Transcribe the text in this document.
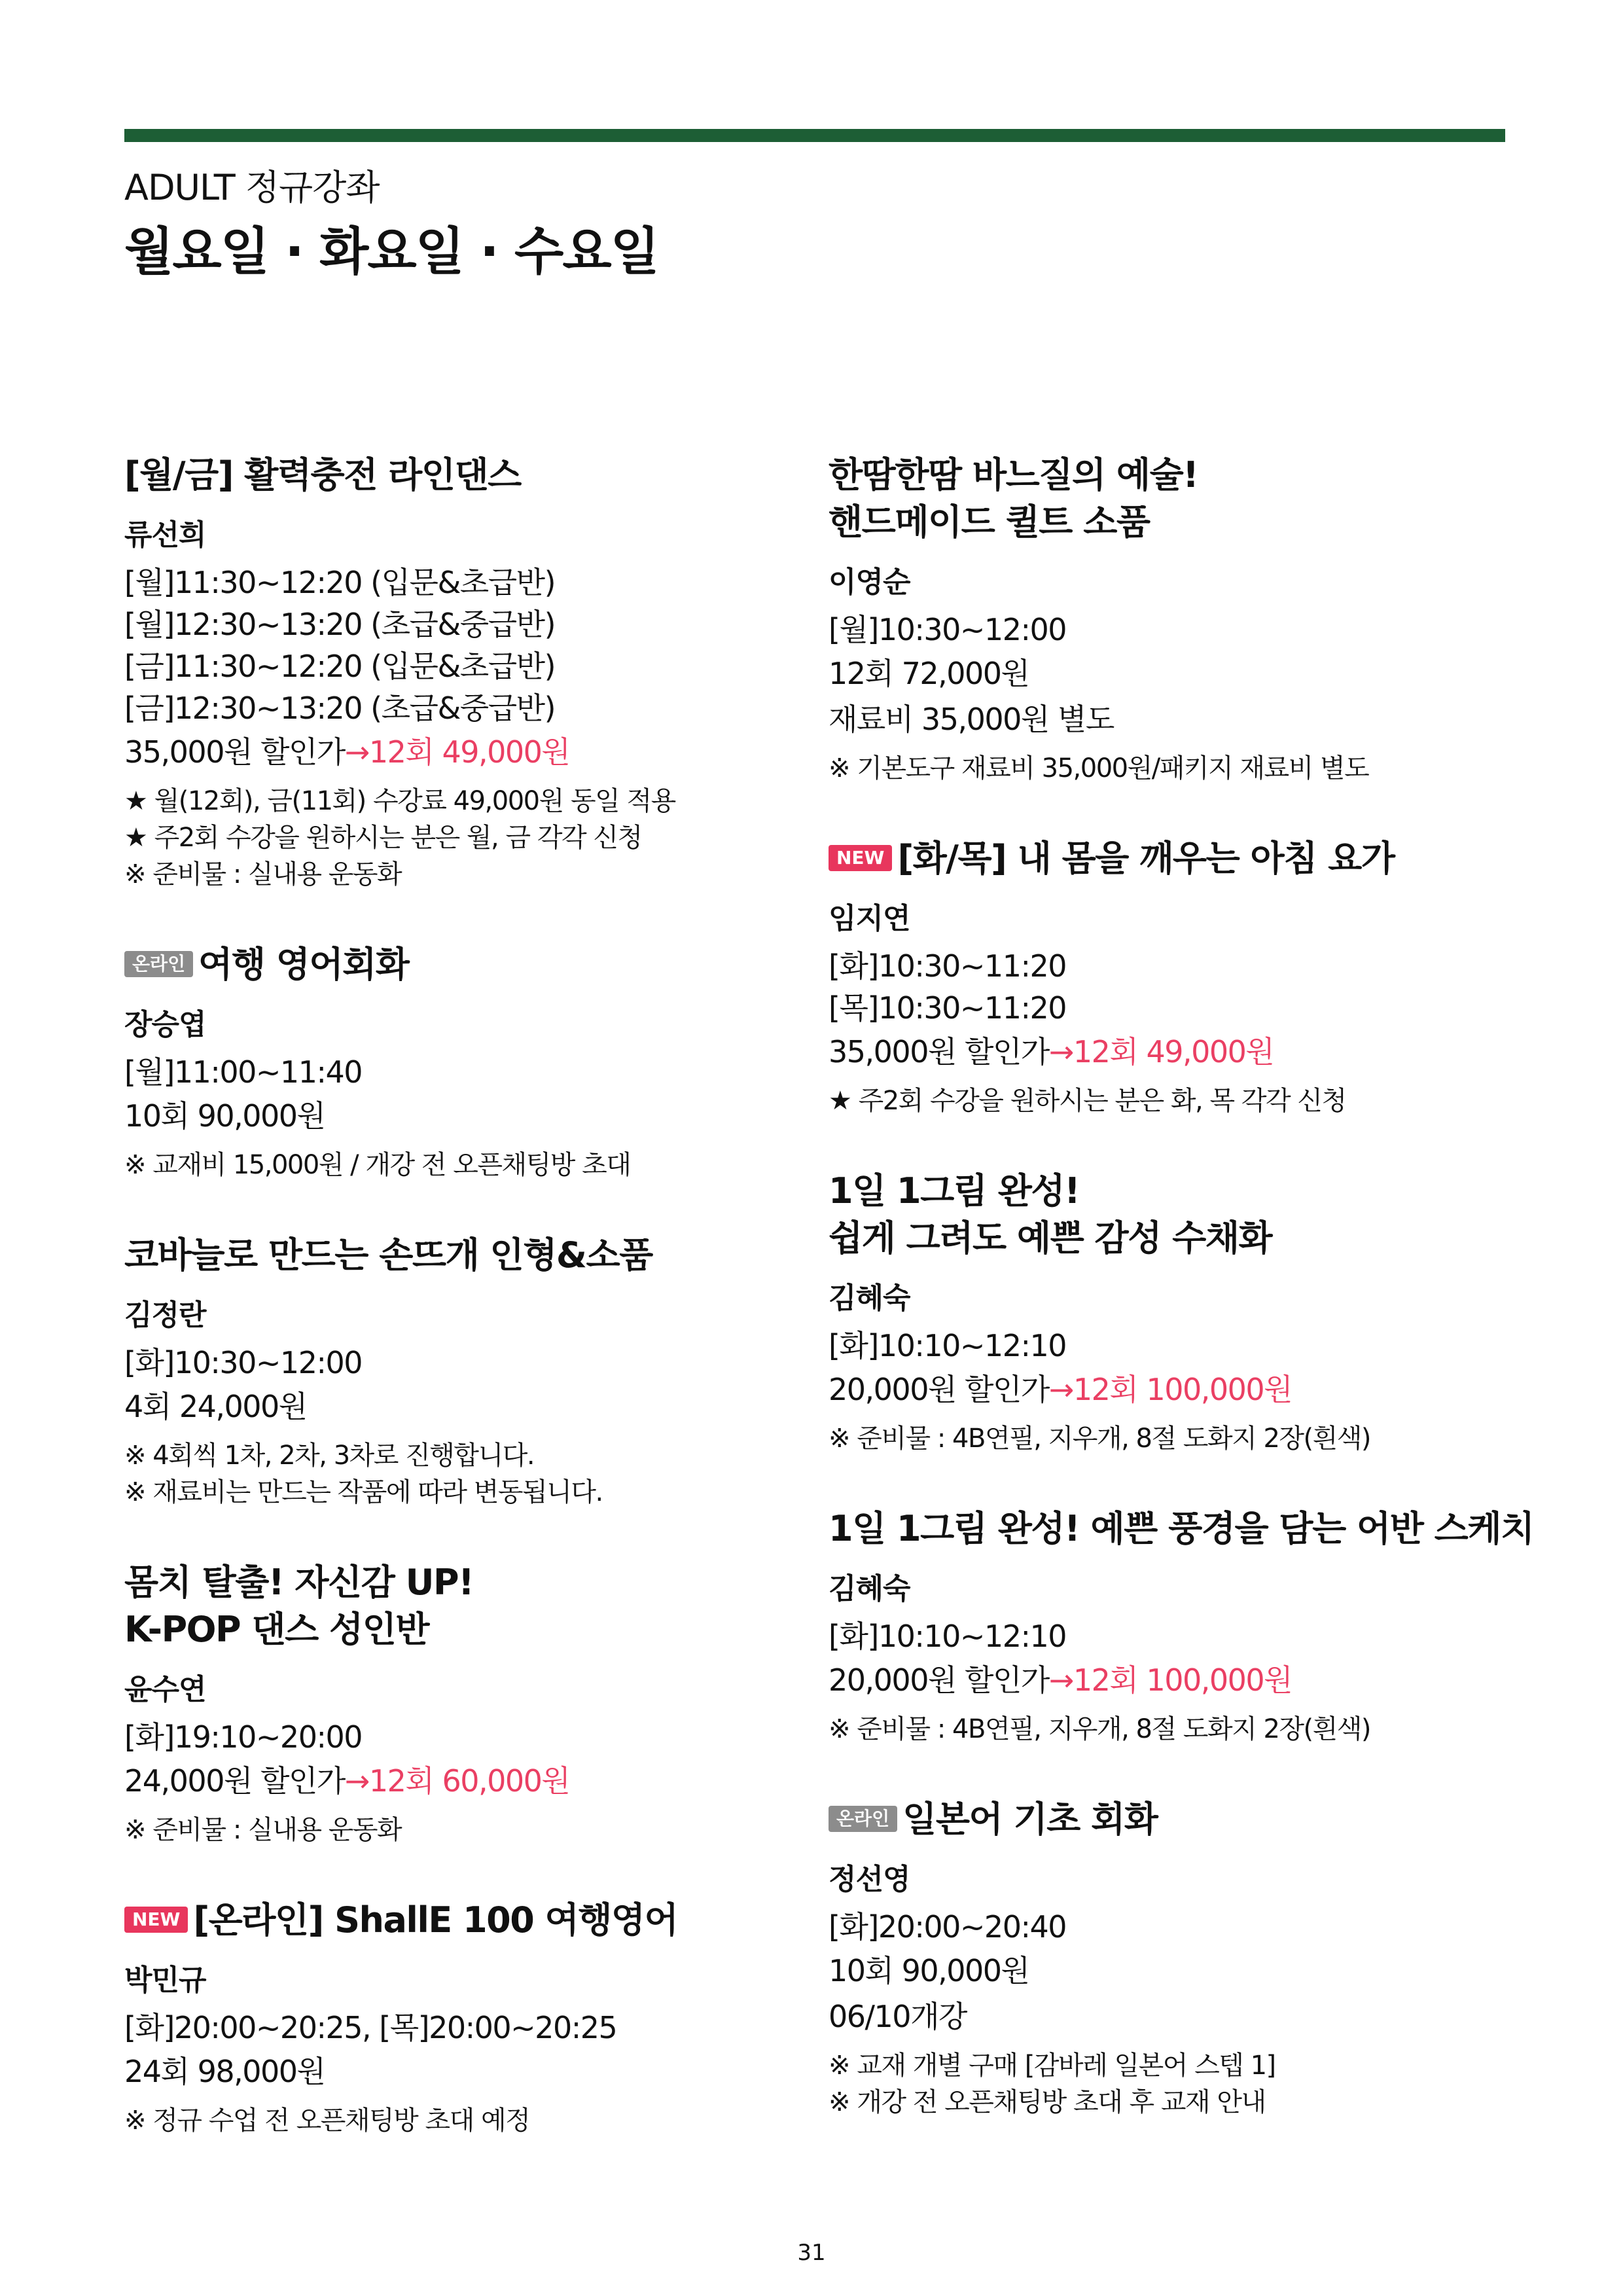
ADULT 정규강좌
월요일 · 화요일 · 수요일
[월/금] 활력충전 라인댄스
류선희
[월]11:30~12:20 (입문&초급반)
[월]12:30~13:20 (초급&중급반)
[금]11:30~12:20 (입문&초급반)
[금]12:30~13:20 (초급&중급반)
35,000원 할인가→12회 49,000원
★ 월(12회), 금(11회) 수강료 49,000원 동일 적용
★ 주2회 수강을 원하시는 분은 월, 금 각각 신청
※ 준비물 : 실내용 운동화
온라인 여행 영어회화
장승엽
[월]11:00~11:40
10회 90,000원
※ 교재비 15,000원 / 개강 전 오픈채팅방 초대
코바늘로 만드는 손뜨개 인형&소품
김정란
[화]10:30~12:00
4회 24,000원
※ 4회씩 1차, 2차, 3차로 진행합니다.
※ 재료비는 만드는 작품에 따라 변동됩니다.
몸치 탈출! 자신감 UP!
K-POP 댄스 성인반
윤수연
[화]19:10~20:00
24,000원 할인가→12회 60,000원
※ 준비물 : 실내용 운동화
NEW [온라인] ShallE 100 여행영어
박민규
[화]20:00~20:25, [목]20:00~20:25
24회 98,000원
※ 정규 수업 전 오픈채팅방 초대 예정
한땀한땀 바느질의 예술!
핸드메이드 퀼트 소품
이영순
[월]10:30~12:00
12회 72,000원
재료비 35,000원 별도
※ 기본도구 재료비 35,000원/패키지 재료비 별도
NEW [화/목] 내 몸을 깨우는 아침 요가
임지연
[화]10:30~11:20
[목]10:30~11:20
35,000원 할인가→12회 49,000원
★ 주2회 수강을 원하시는 분은 화, 목 각각 신청
1일 1그림 완성!
쉽게 그려도 예쁜 감성 수채화
김혜숙
[화]10:10~12:10
20,000원 할인가→12회 100,000원
※ 준비물 : 4B연필, 지우개, 8절 도화지 2장(흰색)
1일 1그림 완성! 예쁜 풍경을 담는 어반 스케치
김혜숙
[화]10:10~12:10
20,000원 할인가→12회 100,000원
※ 준비물 : 4B연필, 지우개, 8절 도화지 2장(흰색)
온라인 일본어 기초 회화
정선영
[화]20:00~20:40
10회 90,000원
06/10개강
※ 교재 개별 구매 [감바레 일본어 스텝 1]
※ 개강 전 오픈채팅방 초대 후 교재 안내
31
